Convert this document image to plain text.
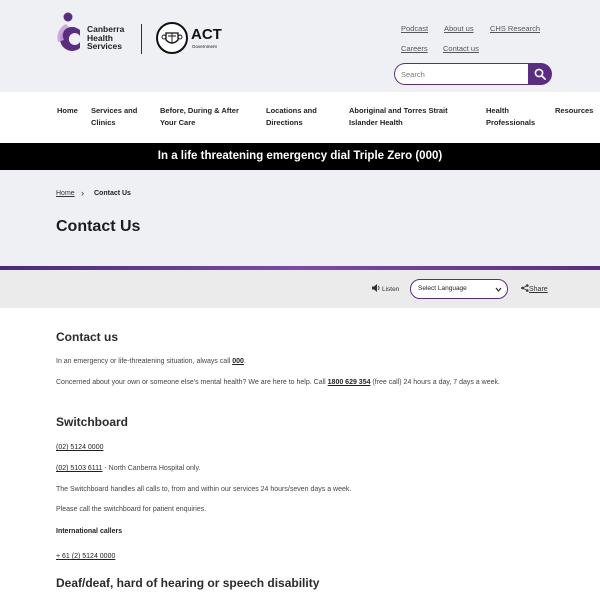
Canberra
Health
Services
ACT
Government
Podcast About us CHS Research
Careers Contact us
Search
Home Services and
Clinics
Before, During & After
Your Care
Locations and
Directions
Aboriginal and Torres Strait
Islander Health
Health
Professionals
Resources
In a life threatening emergency dial Triple Zero (000)
Home › Contact Us
Contact Us
Listen	Select Language	Share
Contact us

In an emergency or life-threatening situation, always call 000.

Concerned about your own or someone else's mental health? We are here to help. Call 1800 629 354 (free call) 24 hours a day, 7 days a week.

Switchboard

(02) 5124 0000

(02) 5103 6111 - North Canberra Hospital only.

The Switchboard handles all calls to, from and within our services 24 hours/seven days a week.

Please call the switchboard for patient enquiries.

International callers

+ 61 (2) 5124 0000

Deaf/deaf, hard of hearing or speech disability
